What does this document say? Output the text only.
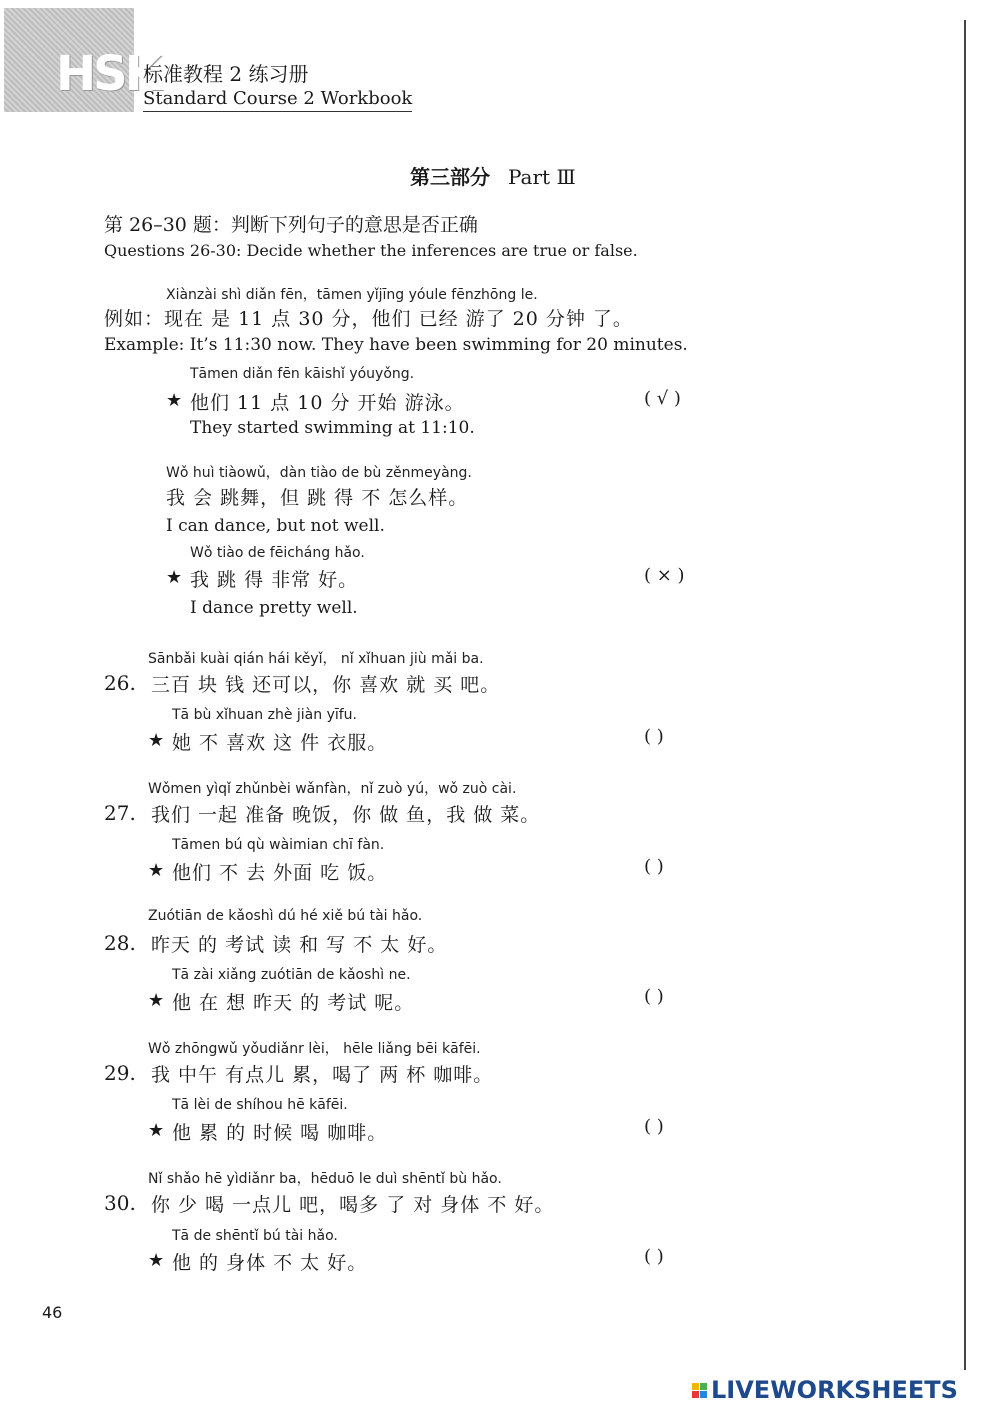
HSK
标准教程 2 练习册
Standard Course 2 Workbook
第三部分 Part Ⅲ
第 26–30 题：判断下列句子的意思是否正确
Questions 26-30: Decide whether the inferences are true or false.
Xiànzài shì diǎn fēn，tāmen yǐjīng yóule fēnzhōng le.
例如：现在 是 11 点 30 分，他们 已经 游了 20 分钟 了。
Example: It’s 11:30 now. They have been swimming for 20 minutes.
Tāmen diǎn fēn kāishǐ yóuyǒng.
★ 他们 11 点 10 分 开始 游泳。	( √ )
They started swimming at 11:10.
Wǒ huì tiàowǔ，dàn tiào de bù zěnmeyàng.
我 会 跳舞，但 跳 得 不 怎么样。
I can dance, but not well.
Wǒ tiào de fēicháng hǎo.
★ 我 跳 得 非常 好。	( × )
I dance pretty well.
Sānbǎi kuài qián hái kěyǐ， nǐ xǐhuan jiù mǎi ba.
26. 三百 块 钱 还可以，你 喜欢 就 买 吧。
Tā bù xǐhuan zhè jiàn yīfu.
★ 她 不 喜欢 这 件 衣服。	( )
Wǒmen yìqǐ zhǔnbèi wǎnfàn，nǐ zuò yú，wǒ zuò cài.
27. 我们 一起 准备 晚饭，你 做 鱼，我 做 菜。
Tāmen bú qù wàimian chī fàn.
★ 他们 不 去 外面 吃 饭。	( )
Zuótiān de kǎoshì dú hé xiě bú tài hǎo.
28. 昨天 的 考试 读 和 写 不 太 好。
Tā zài xiǎng zuótiān de kǎoshì ne.
★ 他 在 想 昨天 的 考试 呢。	( )
Wǒ zhōngwǔ yǒudiǎnr lèi， hēle liǎng bēi kāfēi.
29. 我 中午 有点儿 累，喝了 两 杯 咖啡。
Tā lèi de shíhou hē kāfēi.
★ 他 累 的 时候 喝 咖啡。	( )
Nǐ shǎo hē yìdiǎnr ba，hēduō le duì shēntǐ bù hǎo.
30. 你 少 喝 一点儿 吧，喝多 了 对 身体 不 好。
Tā de shēntǐ bú tài hǎo.
★ 他 的 身体 不 太 好。	( )
46
LIVEWORKSHEETS
